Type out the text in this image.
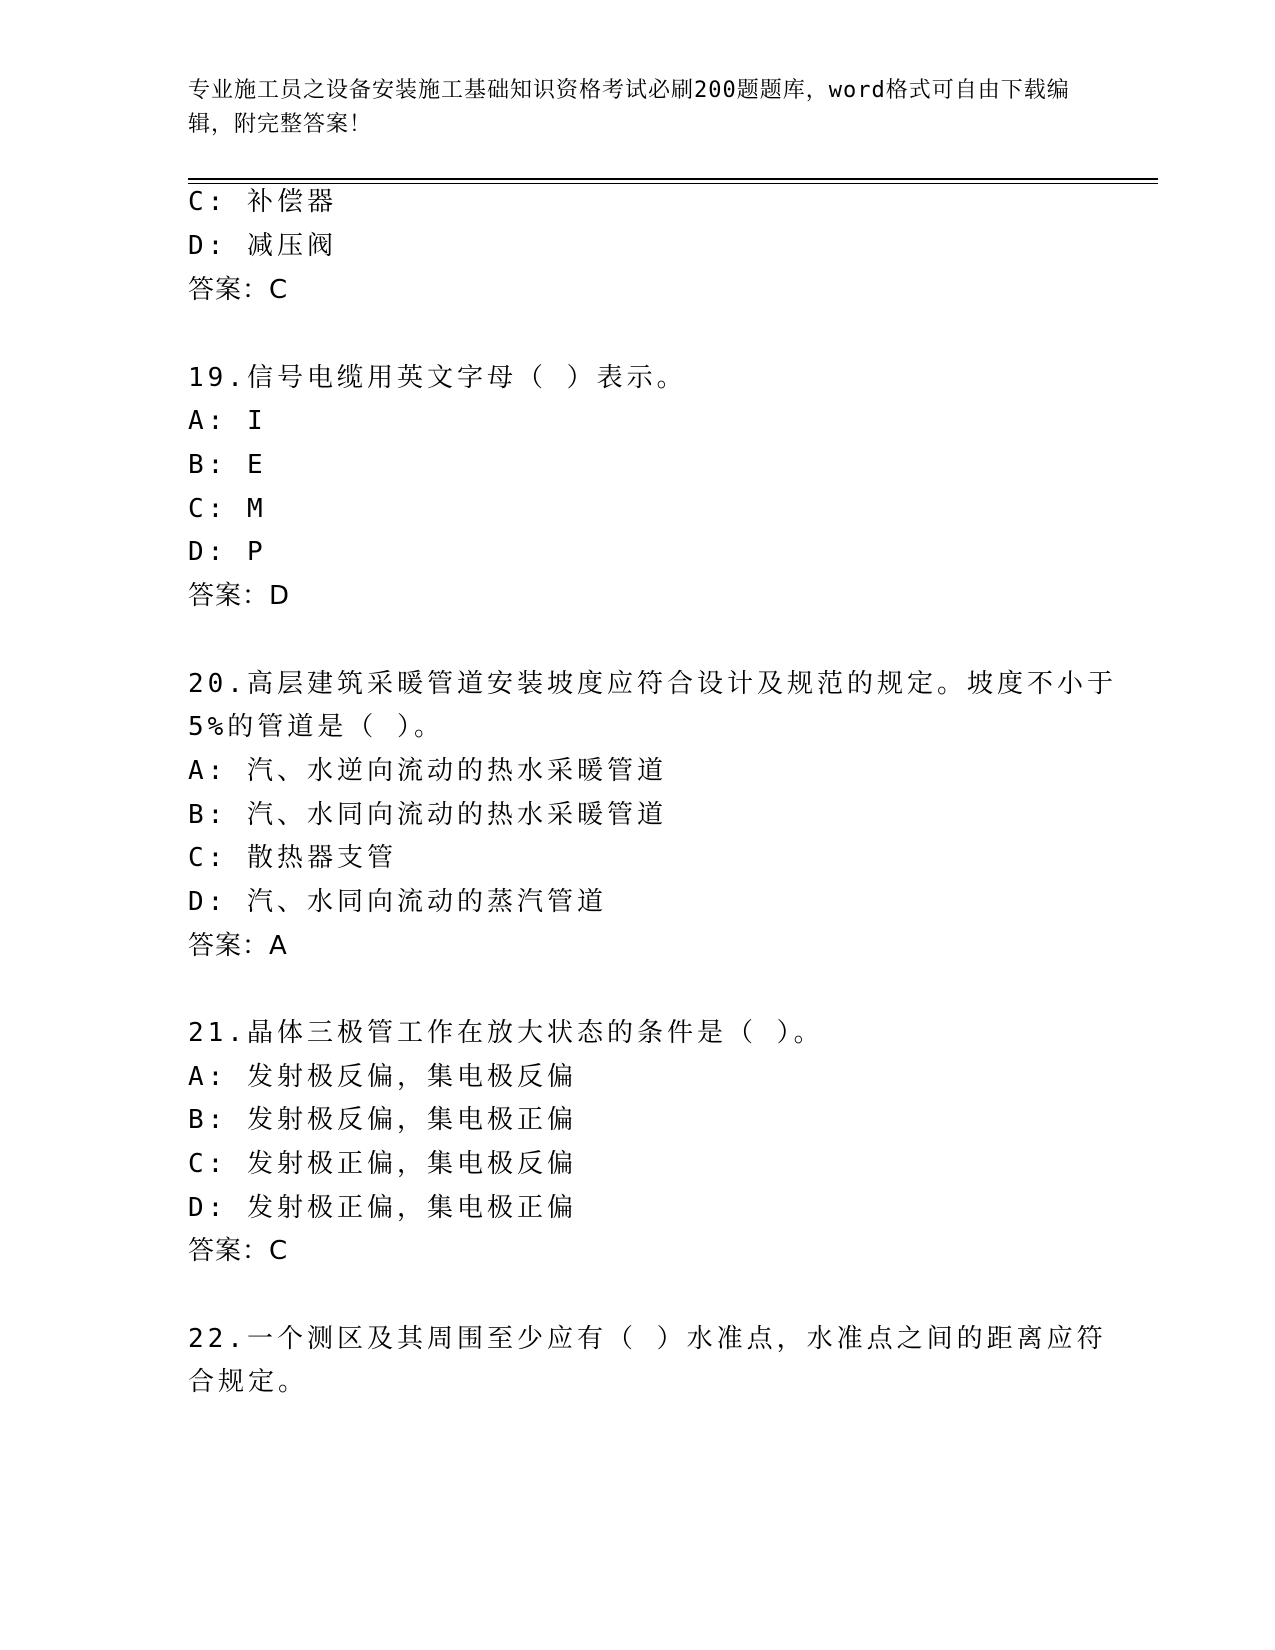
专业施工员之设备安装施工基础知识资格考试必刷200题题库，word格式可自由下载编辑，附完整答案！
C: 补偿器
D: 减压阀
答案：C
19.信号电缆用英文字母（ ）表示。
A: I
B: E
C: M
D: P
答案：D
20.高层建筑采暖管道安装坡度应符合设计及规范的规定。坡度不小于
5%的管道是（ ）。
A: 汽、水逆向流动的热水采暖管道
B: 汽、水同向流动的热水采暖管道
C: 散热器支管
D: 汽、水同向流动的蒸汽管道
答案：A
21.晶体三极管工作在放大状态的条件是（ ）。
A: 发射极反偏，集电极反偏
B: 发射极反偏，集电极正偏
C: 发射极正偏，集电极反偏
D: 发射极正偏，集电极正偏
答案：C
22.一个测区及其周围至少应有（ ）水准点，水准点之间的距离应符
合规定。
